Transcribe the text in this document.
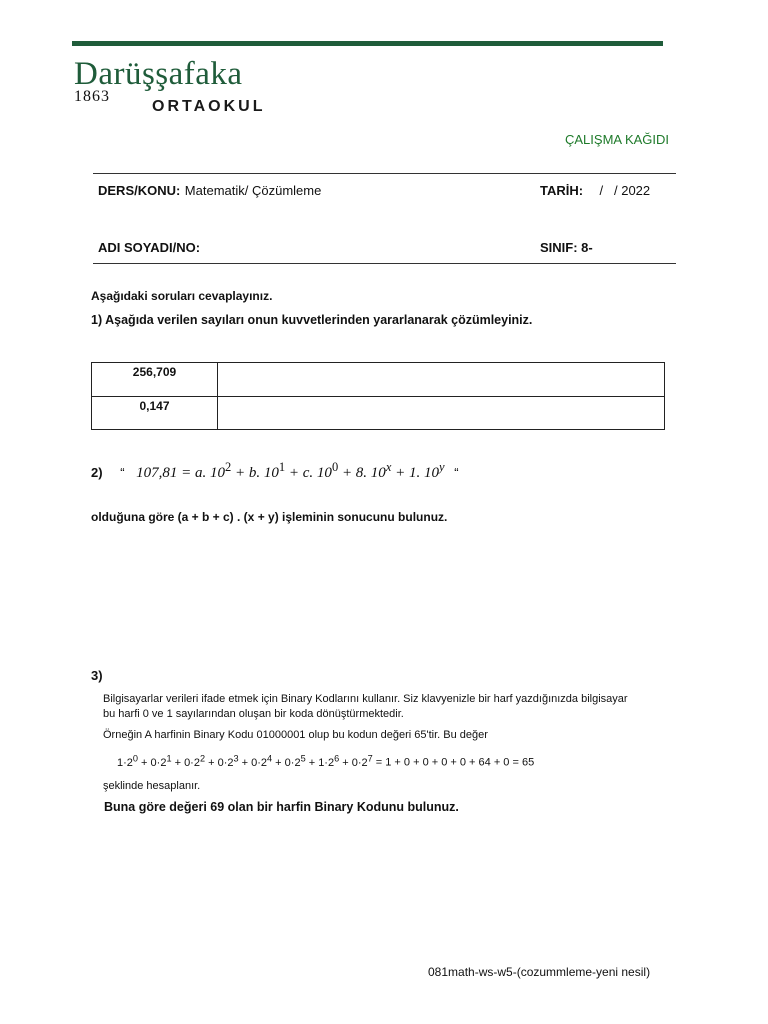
Darüşşafaka
1863
ORTAOKUL
ÇALIŞMA KAĞIDI
DERS/KONU: Matematik/ Çözümleme	TARİH: /   / 2022
ADI SOYADI/NO:	SINIF: 8-
Aşağıdaki soruları cevaplayınız.
1) Aşağıda verilen sayıları onun kuvvetlerinden yararlanarak çözümleyiniz.
256,709	
0,147	
2) “ 107,81 = a. $10^2 + b$. $10^1 + c$. $10^0 + 8$. $10^x + 1$. 10$^y$ “
olduğuna göre (a + b + c) . (x + y) işleminin sonucunu bulunuz.
3)
Bilgisayarlar verileri ifade etmek için Binary Kodlarını kullanır. Siz klavyenizle bir harf yazdığınızda bilgisayar bu harfi 0 ve 1 sayılarından oluşan bir koda dönüştürmektedir.
Örneğin A harfinin Binary Kodu 01000001 olup bu kodun değeri 65'tir. Bu değer
$1\cdot 2^0 + 0\cdot 2^1 + 0\cdot 2^2 + 0\cdot 2^3 + 0\cdot 2^4 + 0\cdot 2^5 + 1\cdot 2^6 + 0\cdot 2^7 = 1 + 0 + 0 + 0 + 0 + 64 + 0 = 65$
şeklinde hesaplanır.
Buna göre değeri 69 olan bir harfin Binary Kodunu bulunuz.
081math-ws-w5-(cozummleme-yeni nesil)
